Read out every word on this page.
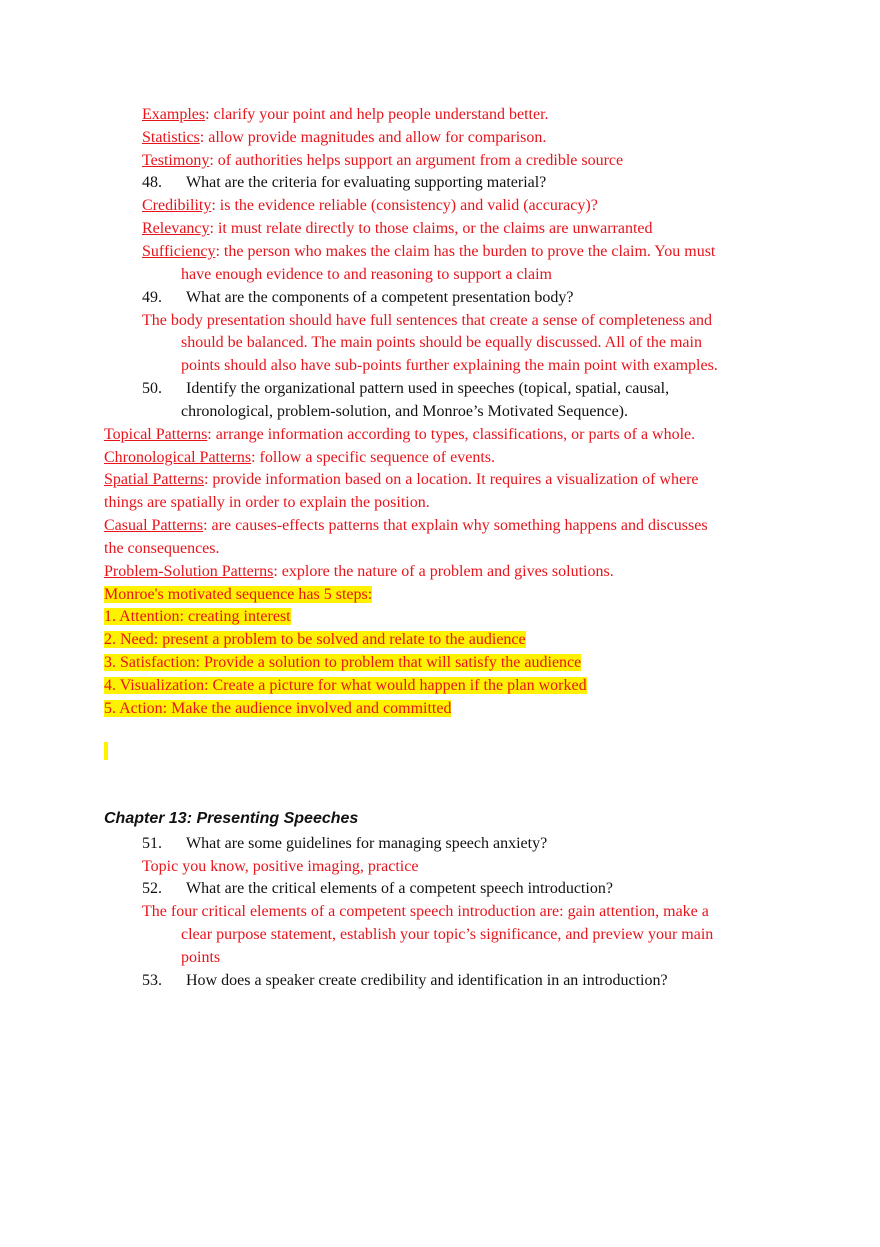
Examples: clarify your point and help people understand better.
Statistics: allow provide magnitudes and allow for comparison.
Testimony: of authorities helps support an argument from a credible source
48. What are the criteria for evaluating supporting material?
Credibility: is the evidence reliable (consistency) and valid (accuracy)?
Relevancy: it must relate directly to those claims, or the claims are unwarranted
Sufficiency: the person who makes the claim has the burden to prove the claim. You must
have enough evidence to and reasoning to support a claim
49. What are the components of a competent presentation body?
The body presentation should have full sentences that create a sense of completeness and
should be balanced. The main points should be equally discussed. All of the main
points should also have sub-points further explaining the main point with examples.
50. Identify the organizational pattern used in speeches (topical, spatial, causal,
chronological, problem-solution, and Monroe’s Motivated Sequence).
Topical Patterns: arrange information according to types, classifications, or parts of a whole.
Chronological Patterns: follow a specific sequence of events.
Spatial Patterns: provide information based on a location. It requires a visualization of where
things are spatially in order to explain the position.
Casual Patterns: are causes-effects patterns that explain why something happens and discusses
the consequences.
Problem-Solution Patterns: explore the nature of a problem and gives solutions.
Monroe's motivated sequence has 5 steps:
1. Attention: creating interest
2. Need: present a problem to be solved and relate to the audience
3. Satisfaction: Provide a solution to problem that will satisfy the audience
4. Visualization: Create a picture for what would happen if the plan worked
5. Action: Make the audience involved and committed
Chapter 13: Presenting Speeches
51. What are some guidelines for managing speech anxiety?
Topic you know, positive imaging, practice
52. What are the critical elements of a competent speech introduction?
The four critical elements of a competent speech introduction are: gain attention, make a
clear purpose statement, establish your topic’s significance, and preview your main
points
53. How does a speaker create credibility and identification in an introduction?
